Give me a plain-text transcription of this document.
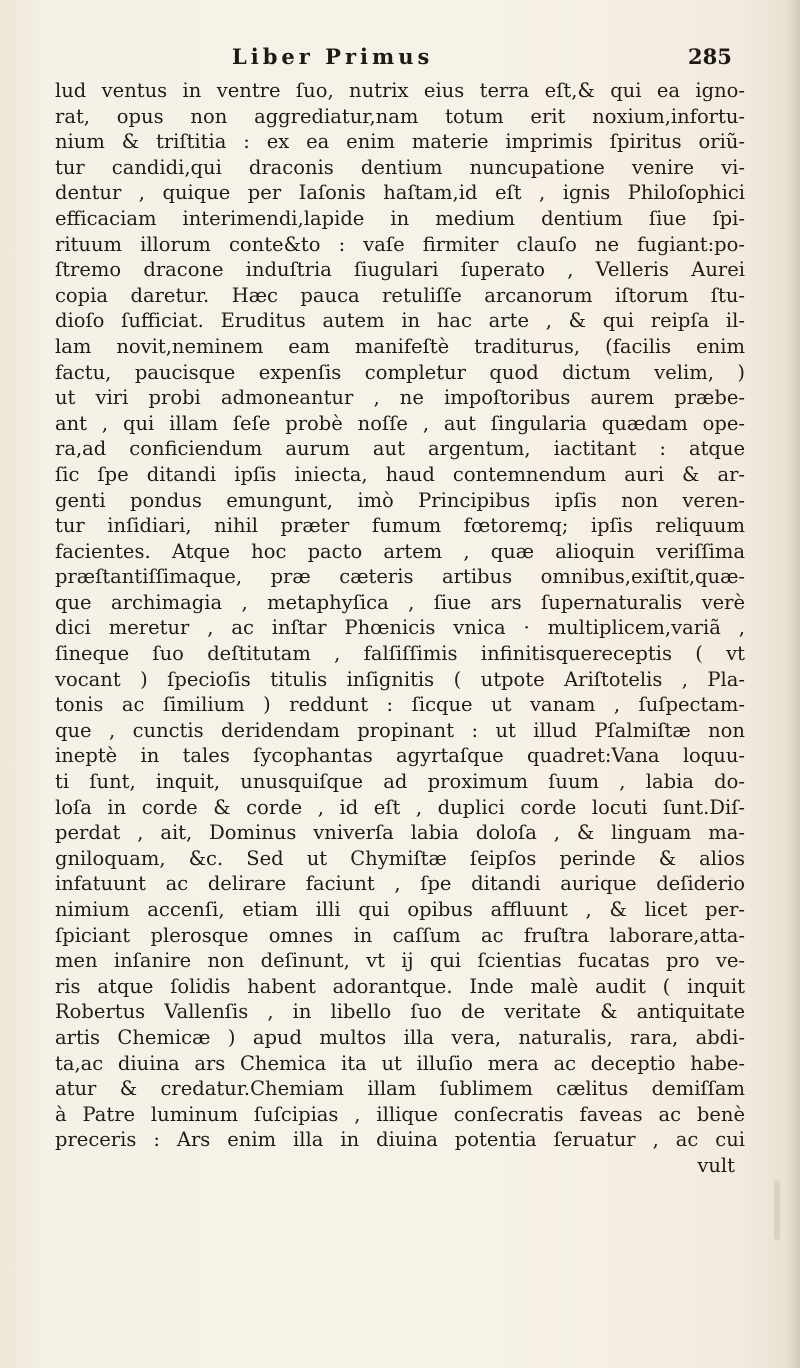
Liber Primus	285
lud ventus in ventre ſuo, nutrix eius terra eſt,& qui ea igno-
rat, opus non aggrediatur,nam totum erit noxium,infortu-
nium & triſtitia : ex ea enim materie imprimis ſpiritus oriũ-
tur candidi,qui draconis dentium nuncupatione venire vi-
dentur , quique per Iaſonis haſtam,id eſt , ignis Philoſophici
efficaciam interimendi,lapide in medium dentium ſiue ſpi-
rituum illorum conte&to : vaſe firmiter clauſo ne fugiant:po-
ſtremo dracone induſtria ſiugulari ſuperato , Velleris Aurei
copia daretur. Hæc pauca retuliſſe arcanorum iſtorum ſtu-
dioſo ſufficiat. Eruditus autem in hac arte , & qui reipſa il-
lam novit,neminem eam manifeſtè traditurus, (facilis enim
factu, paucisque expenſis completur quod dictum velim, )
ut viri probi admoneantur , ne impoſtoribus aurem præbe-
ant , qui illam ſeſe probè noſſe , aut ſingularia quædam ope-
ra,ad conficiendum aurum aut argentum, iactitant : atque
ſic ſpe ditandi ipſis iniecta, haud contemnendum auri & ar-
genti pondus emungunt, imò Principibus ipſis non veren-
tur inſidiari, nihil præter fumum fœtoremq; ipſis reliquum
facientes. Atque hoc pacto artem , quæ alioquin veriſſima
præſtantiſſimaque, præ cæteris artibus omnibus,exiſtit,quæ-
que archimagia , metaphyſica , ſiue ars ſupernaturalis verè
dici meretur , ac inſtar Phœnicis vnica · multiplicem,variã ,
ſineque ſuo deſtitutam , falſiſſimis infinitisquereceptis ( vt
vocant ) ſpecioſis titulis inſignitis ( utpote Ariſtotelis , Pla-
tonis ac ſimilium ) reddunt : ſicque ut vanam , ſuſpectam-
que , cunctis deridendam propinant : ut illud Pſalmiſtæ non
ineptè in tales ſycophantas agyrtaſque quadret:Vana loquu-
ti ſunt, inquit, unusquiſque ad proximum ſuum , labia do-
loſa in corde & corde , id eſt , duplici corde locuti ſunt.Diſ-
perdat , ait, Dominus vniverſa labia doloſa , & linguam ma-
gniloquam, &c. Sed ut Chymiſtæ ſeipſos perinde & alios
infatuunt ac delirare faciunt , ſpe ditandi aurique deſiderio
nimium accenſi, etiam illi qui opibus affluunt , & licet per-
ſpiciant plerosque omnes in caſſum ac fruſtra laborare,atta-
men inſanire non deſinunt, vt ij qui ſcientias fucatas pro ve-
ris atque ſolidis habent adorantque. Inde malè audit ( inquit
Robertus Vallenſis , in libello ſuo de veritate & antiquitate
artis Chemicæ ) apud multos illa vera, naturalis, rara, abdi-
ta,ac diuina ars Chemica ita ut illuſio mera ac deceptio habe-
atur & credatur.Chemiam illam ſublimem cælitus demiſſam
à Patre luminum ſuſcipias , illique conſecratis faveas ac benè
preceris : Ars enim illa in diuina potentia ſeruatur , ac cui
vult
